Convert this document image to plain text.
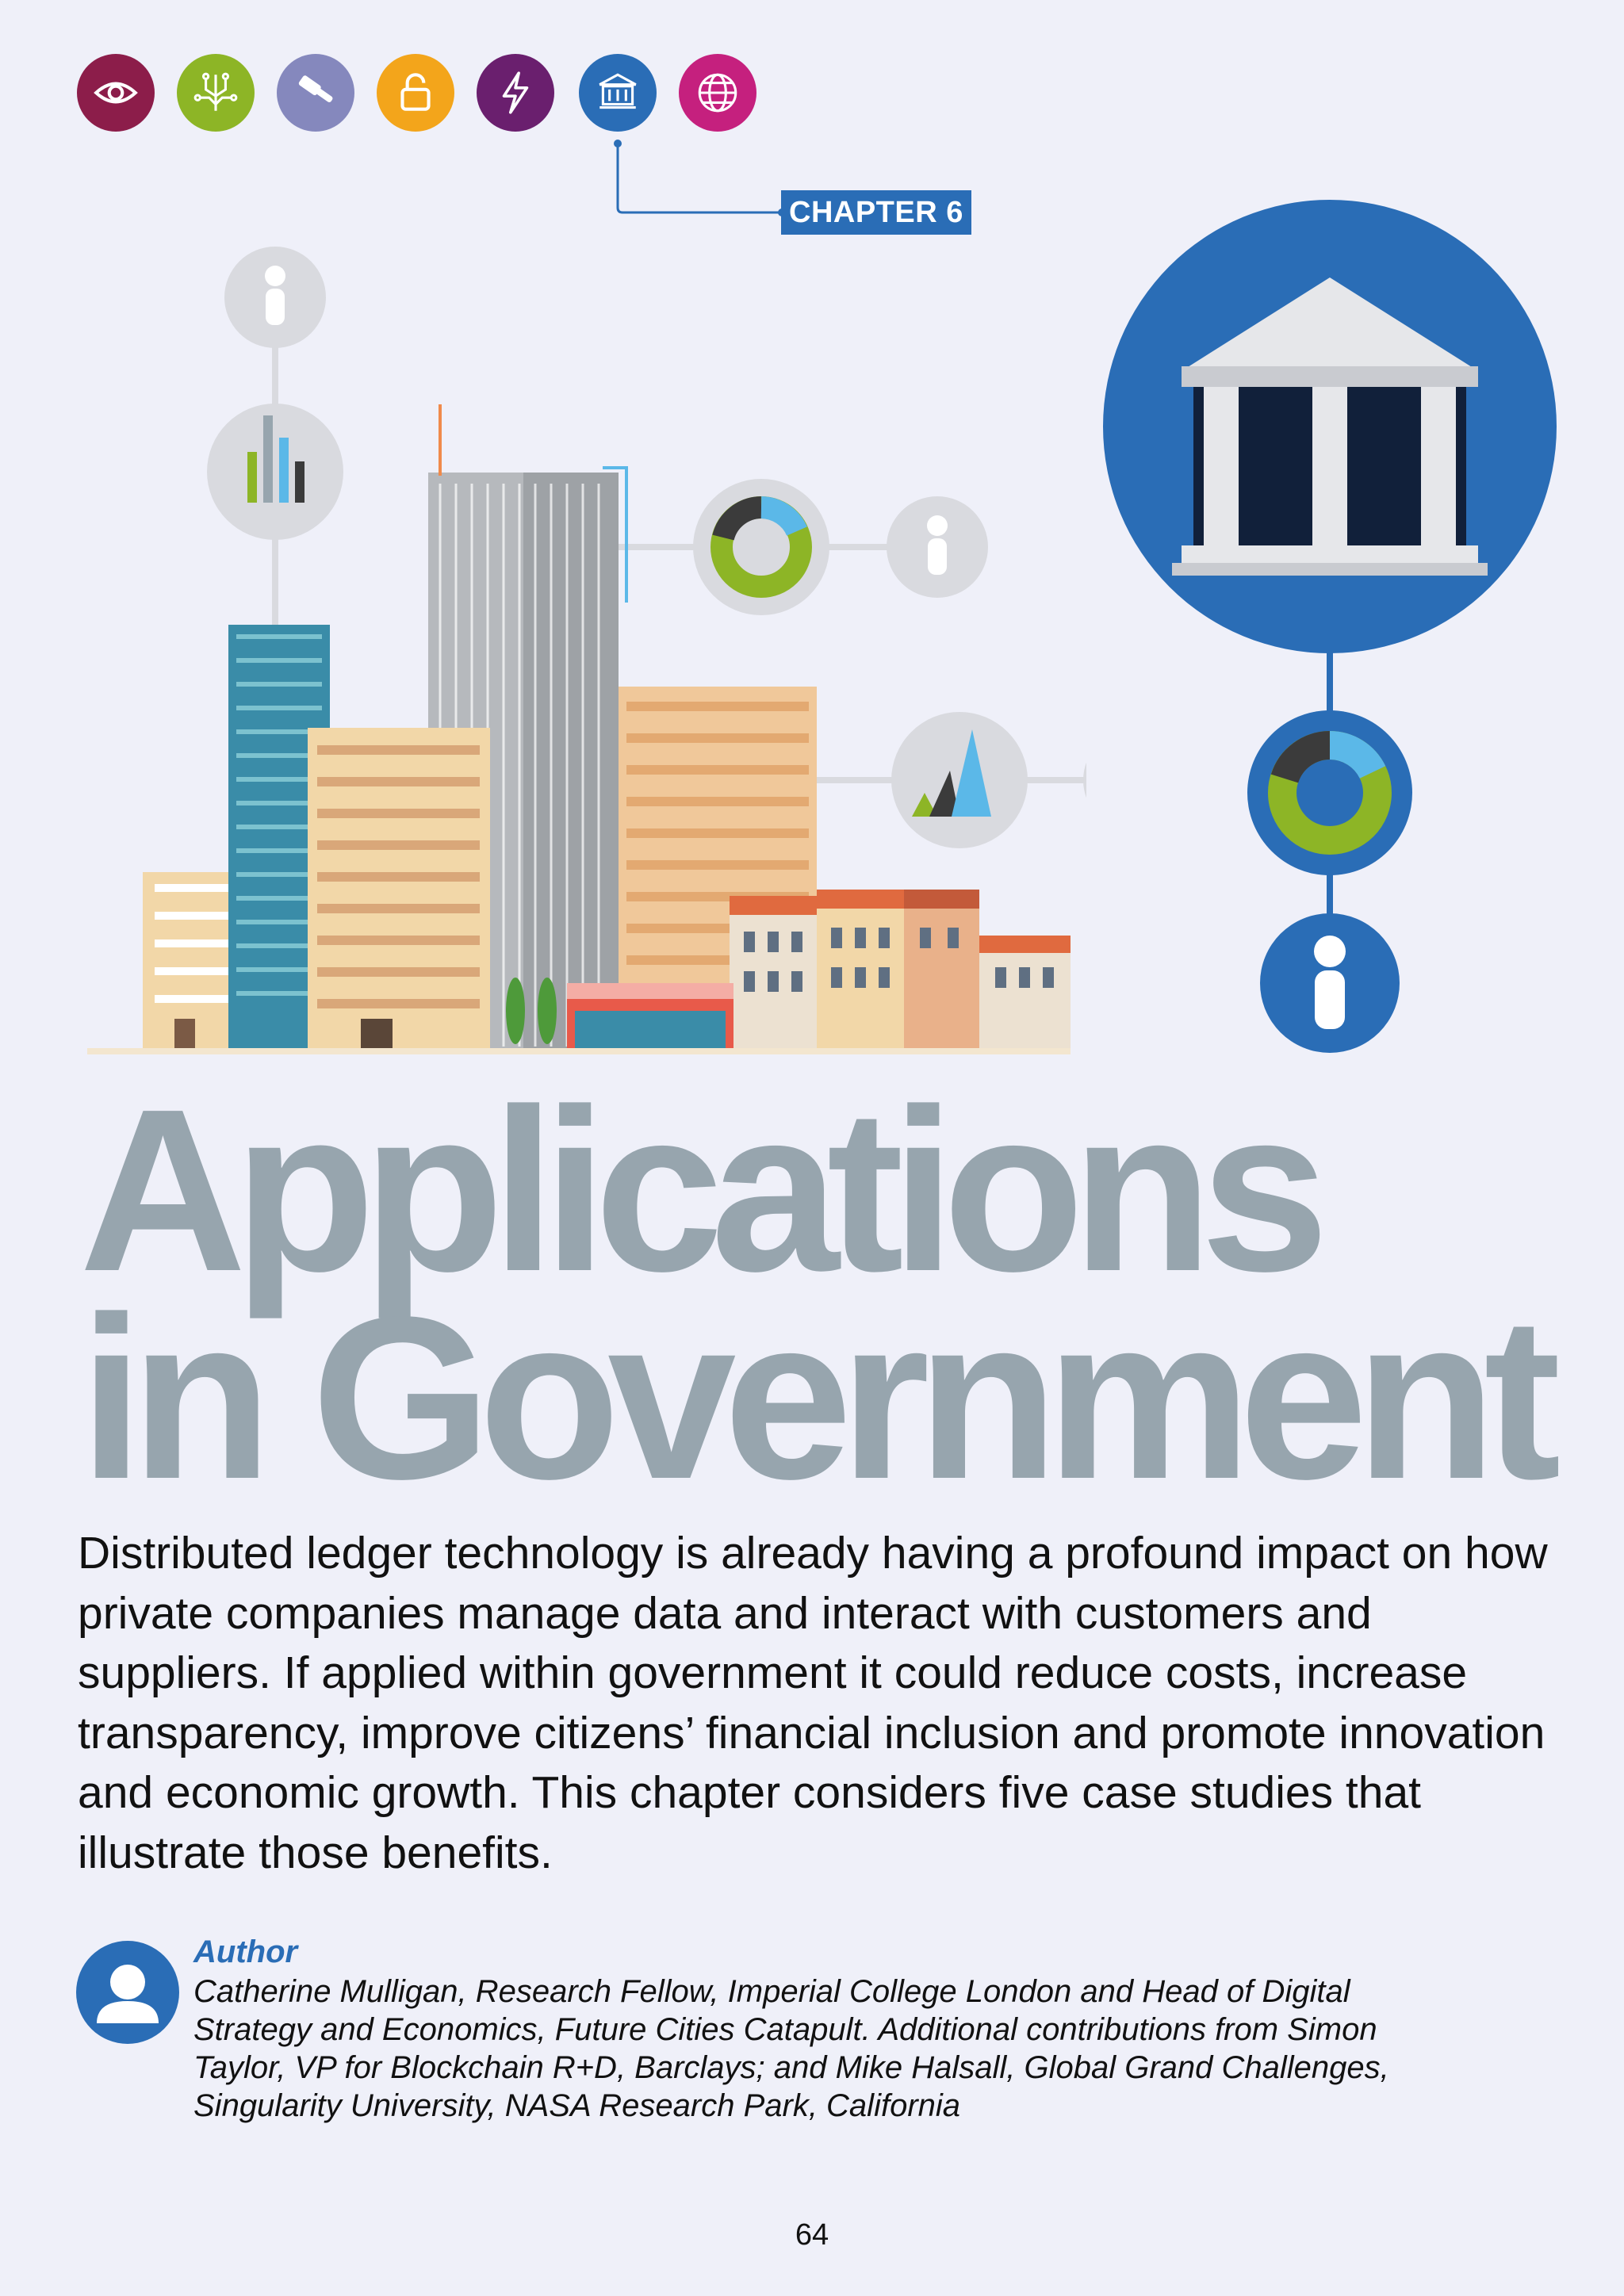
CHAPTER 6
Applications
in Government

Distributed ledger technology is already having a profound impact on how private companies manage data and interact with customers and suppliers. If applied within government it could reduce costs, increase transparency, improve citizens’ financial inclusion and promote innovation and economic growth. This chapter considers five case studies that illustrate those benefits.

Author

Catherine Mulligan, Research Fellow, Imperial College London and Head of Digital Strategy and Economics, Future Cities Catapult. Additional contributions from Simon Taylor, VP for Blockchain R+D, Barclays; and Mike Halsall, Global Grand Challenges, Singularity University, NASA Research Park, California

64
